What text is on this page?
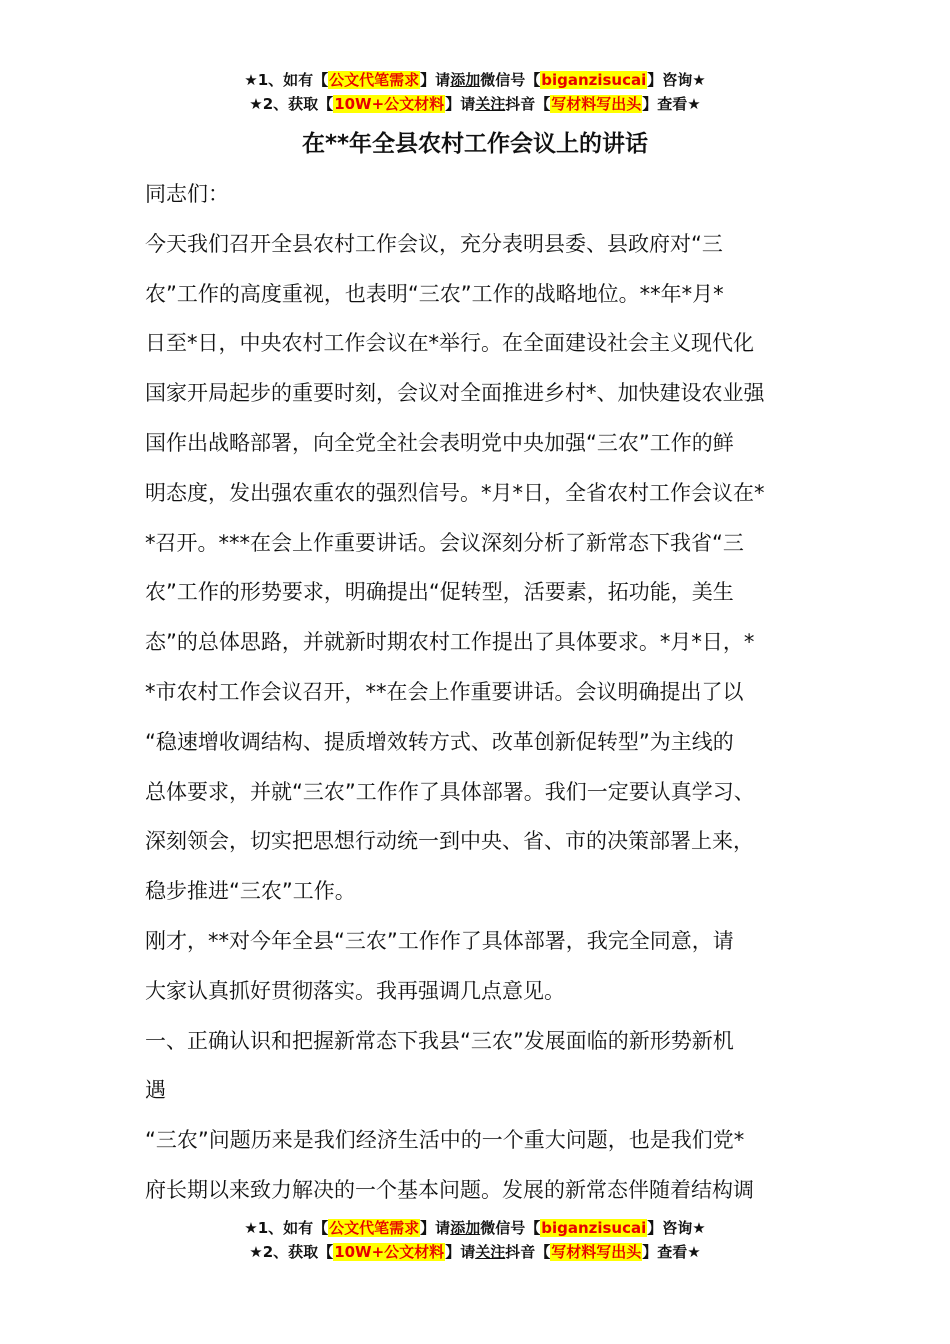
★1、如有【公文代笔需求】请添加微信号【biganzisucai】咨询★
★2、获取【10W+公文材料】请关注抖音【写材料写出头】查看★
在**年全县农村工作会议上的讲话

同志们：

今天我们召开全县农村工作会议，充分表明县委、县政府对“三

农”工作的高度重视，也表明“三农”工作的战略地位。**年*月*

日至*日，中央农村工作会议在*举行。在全面建设社会主义现代化

国家开局起步的重要时刻，会议对全面推进乡村*、加快建设农业强

国作出战略部署，向全党全社会表明党中央加强“三农”工作的鲜

明态度，发出强农重农的强烈信号。*月*日，全省农村工作会议在*

*召开。***在会上作重要讲话。会议深刻分析了新常态下我省“三

农”工作的形势要求，明确提出“促转型，活要素，拓功能，美生

态”的总体思路，并就新时期农村工作提出了具体要求。*月*日，*

*市农村工作会议召开，**在会上作重要讲话。会议明确提出了以

“稳速增收调结构、提质增效转方式、改革创新促转型”为主线的

总体要求，并就“三农”工作作了具体部署。我们一定要认真学习、

深刻领会，切实把思想行动统一到中央、省、市的决策部署上来，

稳步推进“三农”工作。

刚才，**对今年全县“三农”工作作了具体部署，我完全同意，请

大家认真抓好贯彻落实。我再强调几点意见。

一、正确认识和把握新常态下我县“三农”发展面临的新形势新机

遇

“三农”问题历来是我们经济生活中的一个重大问题，也是我们党*

府长期以来致力解决的一个基本问题。发展的新常态伴随着结构调

★1、如有【公文代笔需求】请添加微信号【biganzisucai】咨询★
★2、获取【10W+公文材料】请关注抖音【写材料写出头】查看★
